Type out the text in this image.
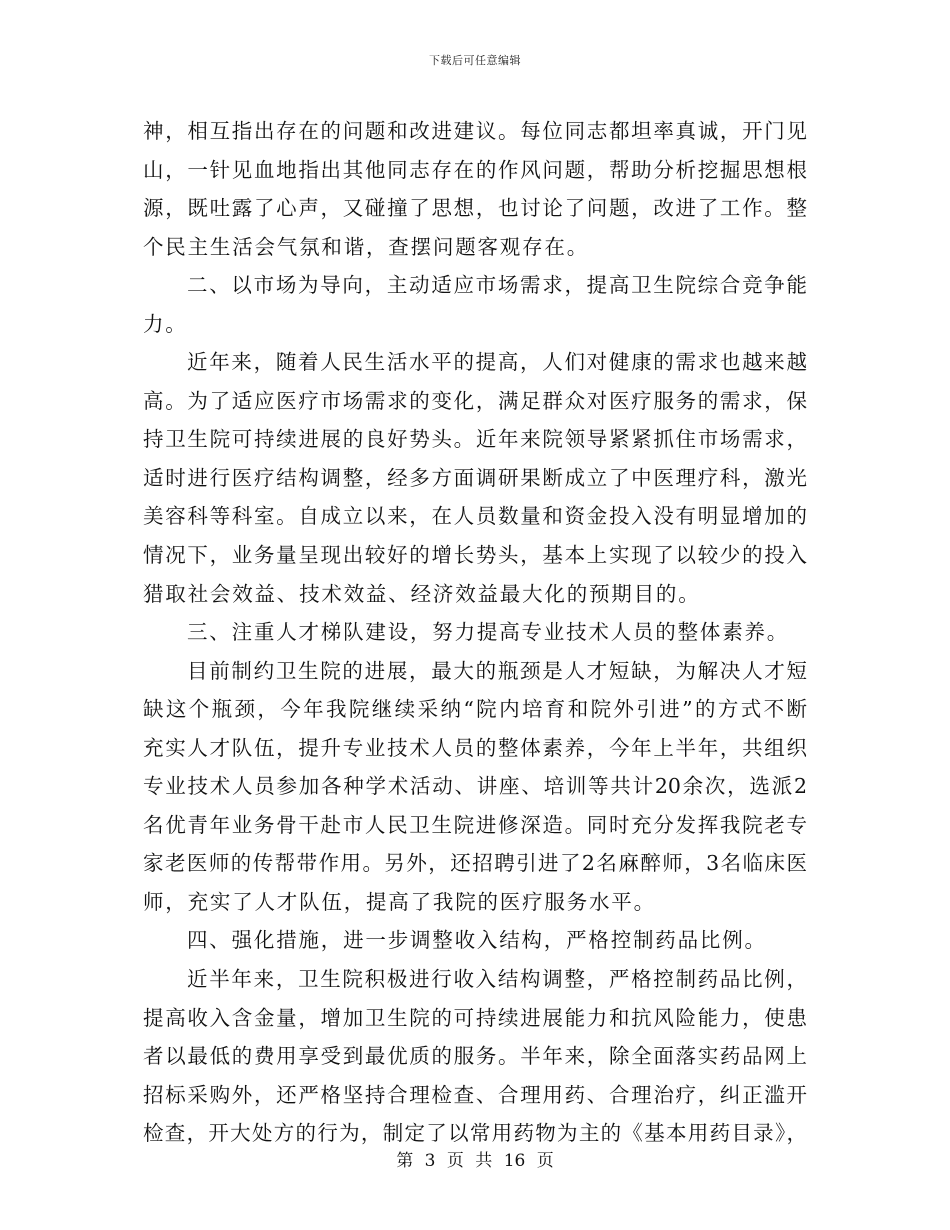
下载后可任意编辑
神，相互指出存在的问题和改进建议。每位同志都坦率真诚，开门见
山，一针见血地指出其他同志存在的作风问题，帮助分析挖掘思想根
源，既吐露了心声，又碰撞了思想，也讨论了问题，改进了工作。整
个民主生活会气氛和谐，查摆问题客观存在。
二、以市场为导向，主动适应市场需求，提高卫生院综合竞争能
力。
近年来，随着人民生活水平的提高，人们对健康的需求也越来越
高。为了适应医疗市场需求的变化，满足群众对医疗服务的需求，保
持卫生院可持续进展的良好势头。近年来院领导紧紧抓住市场需求，
适时进行医疗结构调整，经多方面调研果断成立了中医理疗科，激光
美容科等科室。自成立以来，在人员数量和资金投入没有明显增加的
情况下，业务量呈现出较好的增长势头，基本上实现了以较少的投入
猎取社会效益、技术效益、经济效益最大化的预期目的。
三、注重人才梯队建设，努力提高专业技术人员的整体素养。
目前制约卫生院的进展，最大的瓶颈是人才短缺，为解决人才短
缺这个瓶颈，今年我院继续采纳“院内培育和院外引进”的方式不断
充实人才队伍，提升专业技术人员的整体素养，今年上半年，共组织
专业技术人员参加各种学术活动、讲座、培训等共计20余次，选派2
名优青年业务骨干赴市人民卫生院进修深造。同时充分发挥我院老专
家老医师的传帮带作用。另外，还招聘引进了2名麻醉师，3名临床医
师，充实了人才队伍，提高了我院的医疗服务水平。
四、强化措施，进一步调整收入结构，严格控制药品比例。
近半年来，卫生院积极进行收入结构调整，严格控制药品比例，
提高收入含金量，增加卫生院的可持续进展能力和抗风险能力，使患
者以最低的费用享受到最优质的服务。半年来，除全面落实药品网上
招标采购外，还严格坚持合理检查、合理用药、合理治疗，纠正滥开
检查，开大处方的行为，制定了以常用药物为主的《基本用药目录》，
第 3 页 共 16 页
